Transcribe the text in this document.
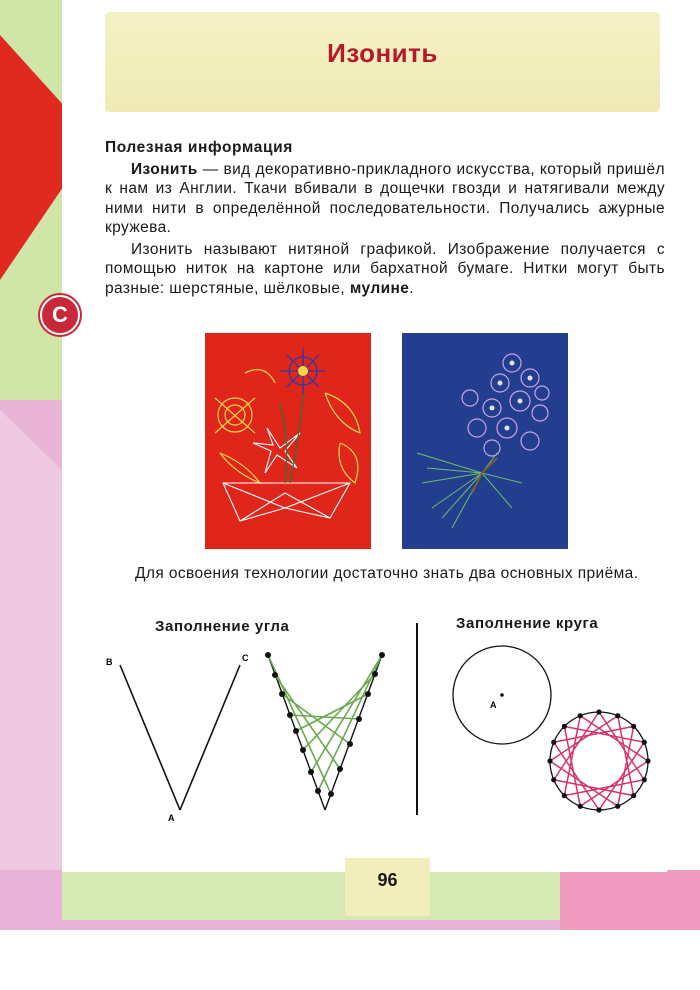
Изонить
С
Полезная информация

Изонить — вид декоративно-прикладного искусства, который пришёл к нам из Англии. Ткачи вбивали в дощечки гвозди и натягивали между ними нити в определённой последовательности. Получались ажурные кружева.

Изонить называют нитяной графикой. Изображение получается с помощью ниток на картоне или бархатной бумаге. Нитки могут быть разные: шерстяные, шёлковые, мулине.

Для освоения технологии достаточно знать два основных приёма.

Заполнение угла	Заполнение круга
В	С
А
А
96
